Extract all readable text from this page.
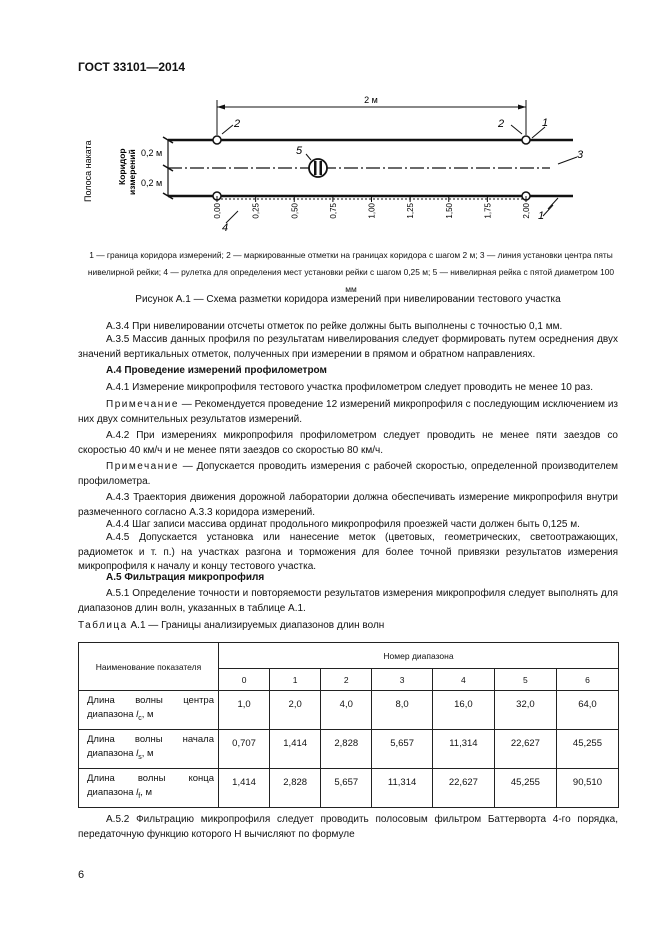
ГОСТ 33101—2014
2 м
Полоса наката	Коридор измерений 0,2 м
0,2 м
2	2	1
3
5
0,00	0,25	0,50	0,75	1,00	1,25	1,50	1,75	2,00
4
1
1 — граница коридора измерений; 2 — маркированные отметки на границах коридора с шагом 2 м; 3 — линия установки центра пяты нивелирной рейки; 4 — рулетка для определения мест установки рейки с шагом 0,25 м; 5 — нивелирная рейка с пятой диаметром 100 мм
Рисунок А.1 — Схема разметки коридора измерений при нивелировании тестового участка
А.3.4 При нивелировании отсчеты отметок по рейке должны быть выполнены с точностью 0,1 мм.
А.3.5 Массив данных профиля по результатам нивелирования следует формировать путем осреднения двух значений вертикальных отметок, полученных при измерении в прямом и обратном направлениях.
А.4 Проведение измерений профилометром
А.4.1 Измерение микропрофиля тестового участка профилометром следует проводить не менее 10 раз.
Примечание — Рекомендуется проведение 12 измерений микропрофиля с последующим исключением из них двух сомнительных результатов измерений.
А.4.2 При измерениях микропрофиля профилометром следует проводить не менее пяти заездов со скоростью 40 км/ч и не менее пяти заездов со скоростью 80 км/ч.
Примечание — Допускается проводить измерения с рабочей скоростью, определенной производителем профилометра.
А.4.3 Траектория движения дорожной лаборатории должна обеспечивать измерение микропрофиля внутри размеченного согласно А.3.3 коридора измерений.
А.4.4 Шаг записи массива ординат продольного микропрофиля проезжей части должен быть 0,125 м.
А.4.5 Допускается установка или нанесение меток (цветовых, геометрических, светоотражающих, радиометок и т. п.) на участках разгона и торможения для более точной привязки результатов измерения микропрофиля к началу и концу тестового участка.
А.5 Фильтрация микропрофиля
А.5.1 Определение точности и повторяемости результатов измерения микропрофиля следует выполнять для диапазонов длин волн, указанных в таблице А.1.
Таблица А.1 — Границы анализируемых диапазонов длин волн
Наименование показателя	Номер диапазона						
	0	1	2	3	4	5	6
Длина волны центра диапазона $l_c$, м	1,0	2,0	4,0	8,0	16,0	32,0	64,0
Длина волны начала диапазона $l_s$, м	0,707	1,414	2,828	5,657	11,314	22,627	45,255
Длина волны конца диапазона $l_f$, м	1,414	2,828	5,657	11,314	22,627	45,255	90,510
А.5.2 Фильтрацию микропрофиля следует проводить полосовым фильтром Баттерворта 4-го порядка, передаточную функцию которого H вычисляют по формуле
6
